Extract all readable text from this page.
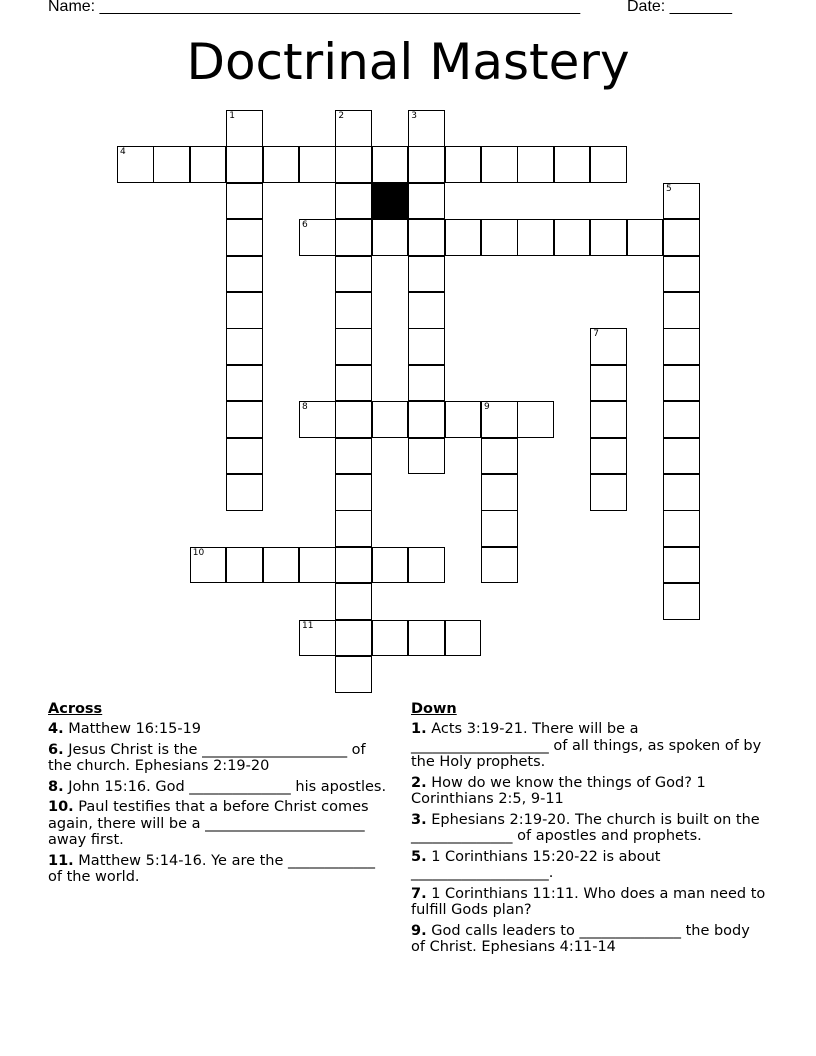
Name: ______________________________________________________	Date: _______
Doctrinal Mastery
4
6
8	9
10
11
1	2	3
5
7
Across
4. Matthew 16:15-19
6. Jesus Christ is the ____________________ of the church. Ephesians 2:19-20
8. John 15:16. God ______________ his apostles.
10. Paul testifies that a before Christ comes again, there will be a ______________________ away first.
11. Matthew 5:14-16. Ye are the ____________ of the world.
Down
1. Acts 3:19-21. There will be a ___________________ of all things, as spoken of by the Holy prophets.
2. How do we know the things of God? 1 Corinthians 2:5, 9-11
3. Ephesians 2:19-20. The church is built on the ______________ of apostles and prophets.
5. 1 Corinthians 15:20-22 is about ___________________.
7. 1 Corinthians 11:11. Who does a man need to fulfill Gods plan?
9. God calls leaders to ______________ the body of Christ. Ephesians 4:11-14
